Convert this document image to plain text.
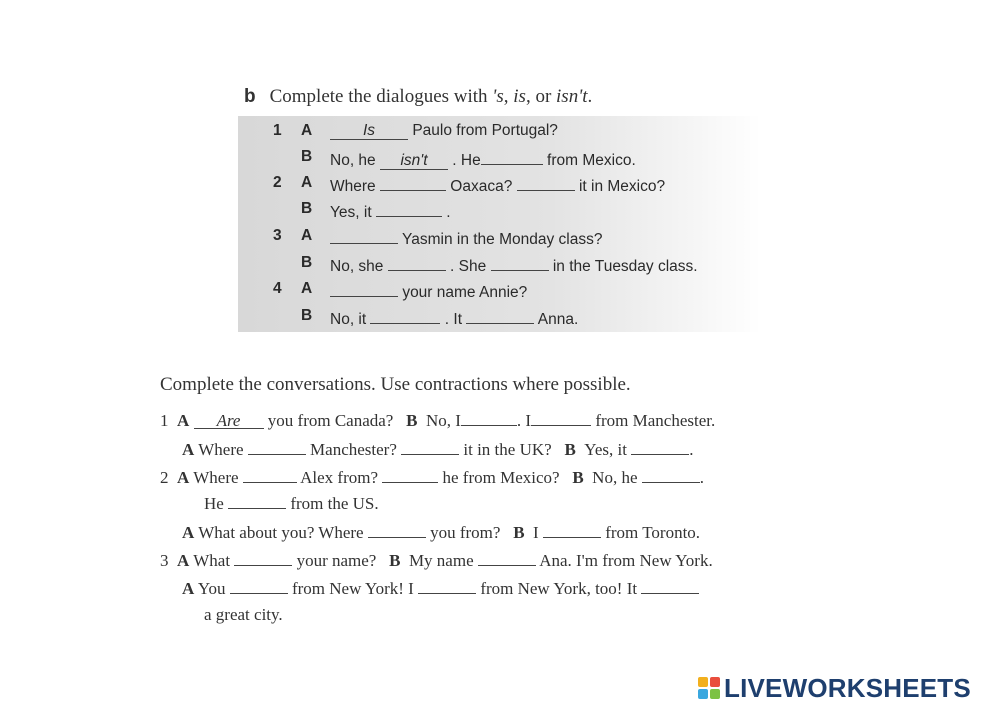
b Complete the dialogues with 's, is, or isn't.
1 A	Is Paulo from Portugal?
B No, he isn't . He	from Mexico.
2 A Where	Oaxaca?	it in Mexico?
B Yes, it	.
3 A	Yasmin in the Monday class?
B No, she	. She	in the Tuesday class.
4 A	your name Annie?
B No, it	. It	Anna.
Complete the conversations. Use contractions where possible.
1 A Are you from Canada? B No, I	. I	from Manchester.
A Where	Manchester?	it in the UK? B Yes, it	.
2 A Where	Alex from?	he from Mexico? B No, he	.
He	from the US.
A What about you? Where	you from? B I	from Toronto.
3 A What	your name? B My name	Ana. I'm from New York.
A You	from New York! I	from New York, too! It
a great city.
LIVEWORKSHEETS
